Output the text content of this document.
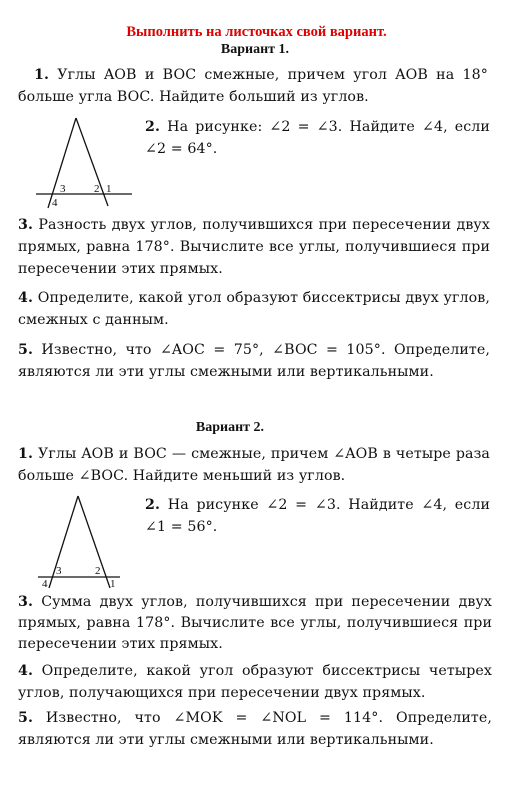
Выполнить на листочках свой вариант.
Вариант 1.
1. Углы AOB и BOC смежные, причем угол AOB на 18° больше угла BOC. Найдите больший из углов.
3	2 1
4
2. На рисунке: ∠2 = ∠3. Найдите ∠4, если ∠2 = 64°.
3. Разность двух углов, получившихся при пересечении двух прямых, равна 178°. Вычислите все углы, получившиеся при пересечении этих прямых.
4. Определите, какой угол образуют биссектрисы двух углов, смежных с данным.
5. Известно, что ∠AOC = 75°, ∠BOC = 105°. Определите, являются ли эти углы смежными или вертикальными.
Вариант 2.
1. Углы AOB и BOC — смежные, причем ∠AOB в четыре раза больше ∠BOC. Найдите меньший из углов.
4
3	2
1
2. На рисунке ∠2 = ∠3. Найдите ∠4, если ∠1 = 56°.
3. Сумма двух углов, получившихся при пересечении двух прямых, равна 178°. Вычислите все углы, получившиеся при пересечении этих прямых.
4. Определите, какой угол образуют биссектрисы четырех углов, получающихся при пересечении двух прямых.
5. Известно, что ∠MOK = ∠NOL = 114°. Определите, являются ли эти углы смежными или вертикальными.
